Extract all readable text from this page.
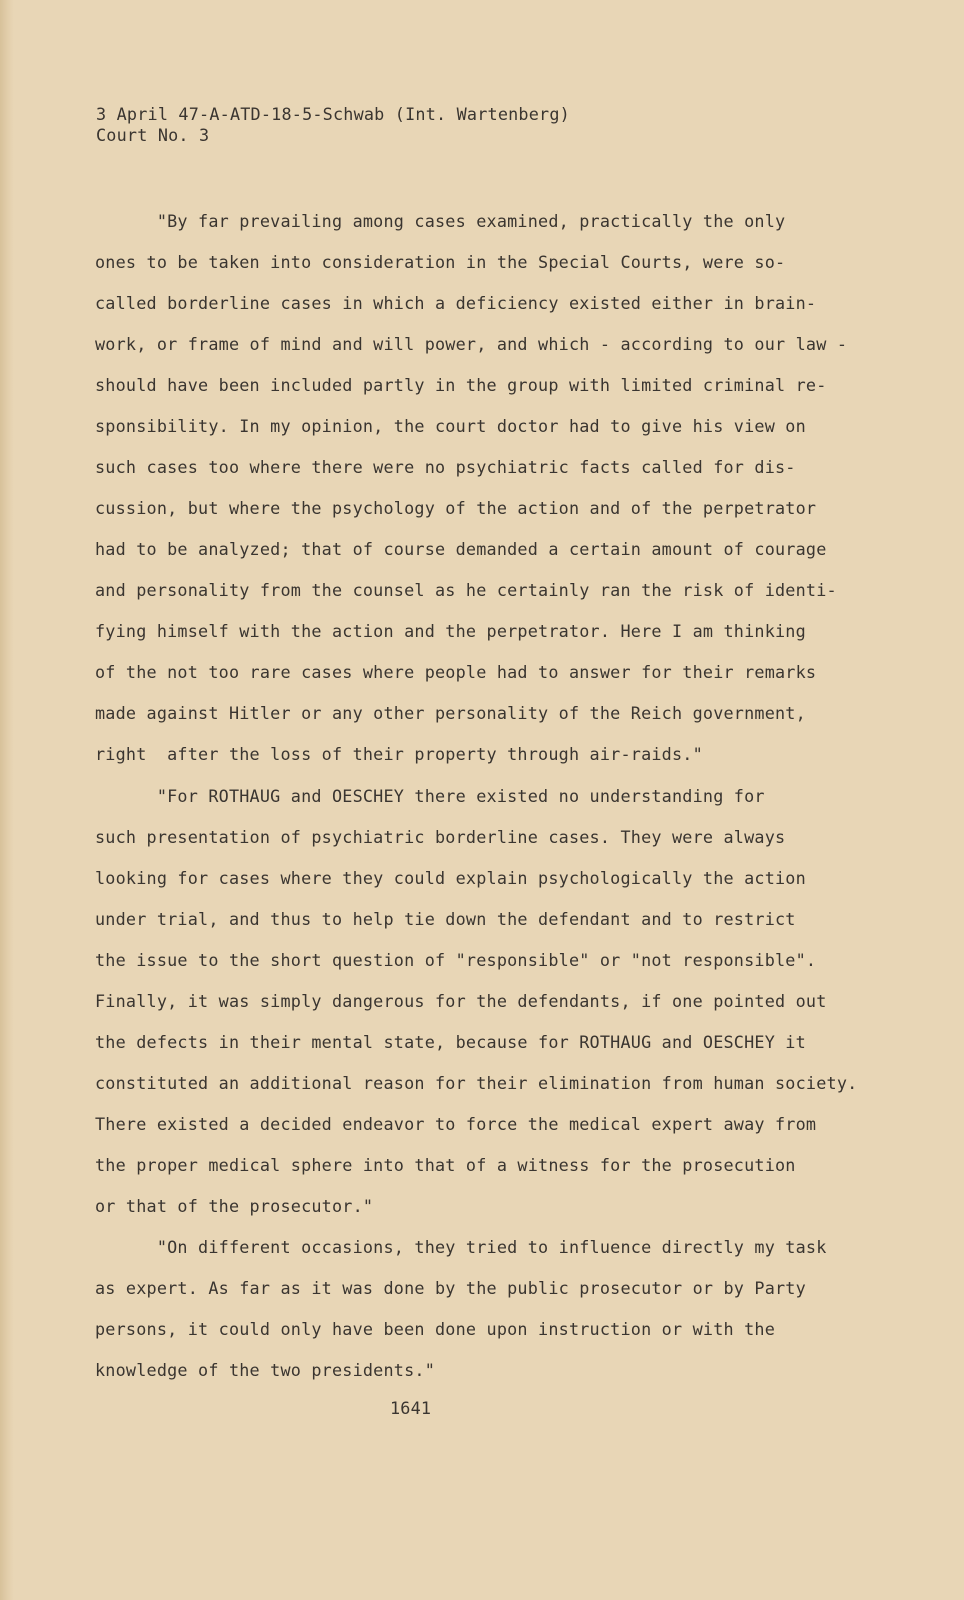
3 April 47-A-ATD-18-5-Schwab (Int. Wartenberg)
Court No. 3
"By far prevailing among cases examined, practically the only
ones to be taken into consideration in the Special Courts, were so-
called borderline cases in which a deficiency existed either in brain-
work, or frame of mind and will power, and which - according to our law -
should have been included partly in the group with limited criminal re-
sponsibility. In my opinion, the court doctor had to give his view on
such cases too where there were no psychiatric facts called for dis-
cussion, but where the psychology of the action and of the perpetrator
had to be analyzed; that of course demanded a certain amount of courage
and personality from the counsel as he certainly ran the risk of identi-
fying himself with the action and the perpetrator. Here I am thinking
of the not too rare cases where people had to answer for their remarks
made against Hitler or any other personality of the Reich government,
right  after the loss of their property through air-raids."
"For ROTHAUG and OESCHEY there existed no understanding for
such presentation of psychiatric borderline cases. They were always
looking for cases where they could explain psychologically the action
under trial, and thus to help tie down the defendant and to restrict
the issue to the short question of "responsible" or "not responsible".
Finally, it was simply dangerous for the defendants, if one pointed out
the defects in their mental state, because for ROTHAUG and OESCHEY it
constituted an additional reason for their elimination from human society.
There existed a decided endeavor to force the medical expert away from
the proper medical sphere into that of a witness for the prosecution
or that of the prosecutor."
"On different occasions, they tried to influence directly my task
as expert. As far as it was done by the public prosecutor or by Party
persons, it could only have been done upon instruction or with the
knowledge of the two presidents."
1641
